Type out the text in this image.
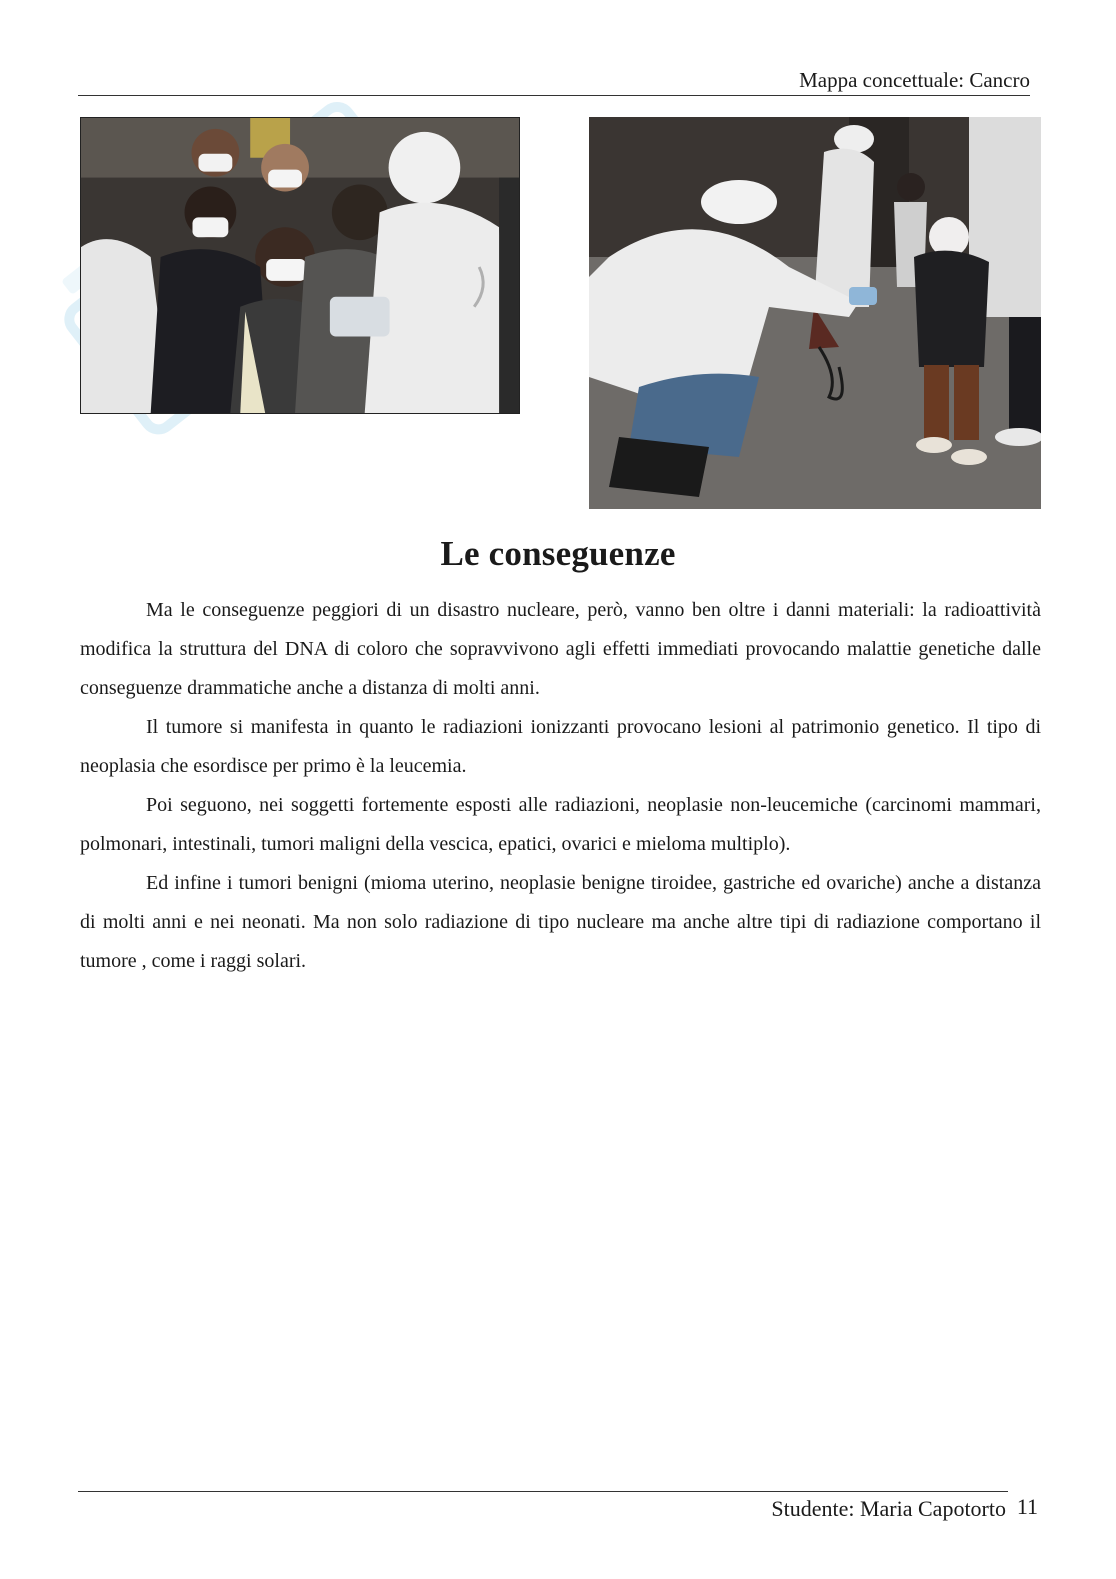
Mappa concettuale: Cancro
Le conseguenze

Ma le conseguenze peggiori di un disastro nucleare, però, vanno ben oltre i danni materiali: la radioattività modifica la struttura del DNA di coloro che sopravvivono agli effetti immediati provocando malattie genetiche dalle conseguenze drammatiche anche a distanza di molti anni.

Il tumore si manifesta in quanto le radiazioni ionizzanti provocano lesioni al patrimonio genetico. Il tipo di neoplasia che esordisce per primo è la leucemia.

Poi seguono, nei soggetti fortemente esposti alle radiazioni, neoplasie non-leucemiche (carcinomi mammari, polmonari, intestinali, tumori maligni della vescica, epatici, ovarici e mieloma multiplo).

Ed infine i tumori benigni (mioma uterino, neoplasie benigne tiroidee, gastriche ed ovariche) anche a distanza di molti anni e nei neonati. Ma non solo radiazione di tipo nucleare ma anche altre tipi di radiazione comportano il tumore , come i raggi solari.

Studente: Maria Capotorto 11
